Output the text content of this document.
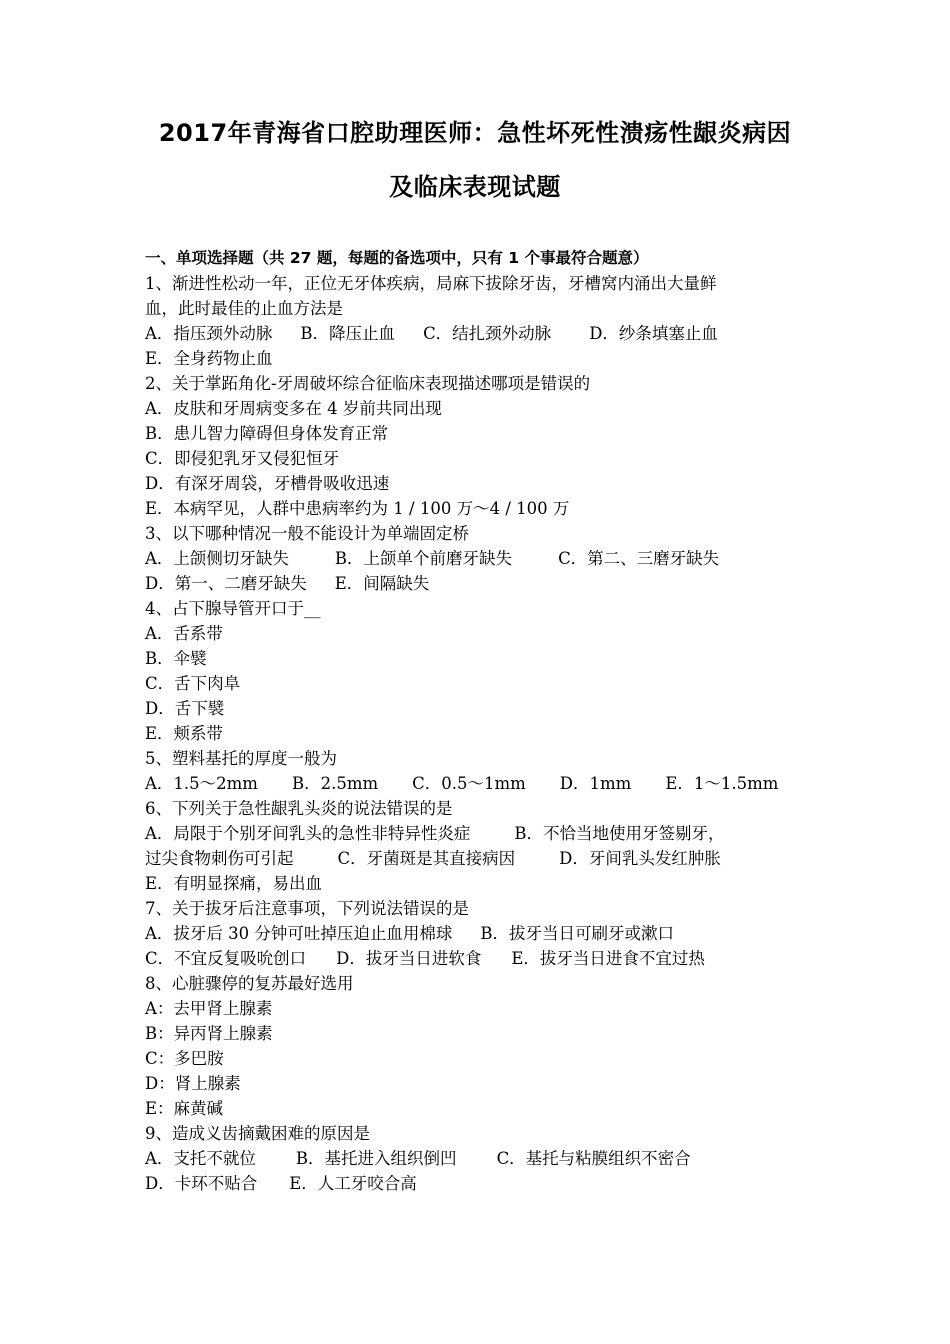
2017年青海省口腔助理医师：急性坏死性溃疡性龈炎病因
及临床表现试题
一、单项选择题（共 27 题，每题的备选项中，只有 1 个事最符合题意）
1、渐进性松动一年，正位无牙体疾病，局麻下拔除牙齿，牙槽窝内涌出大量鲜
血，此时最佳的止血方法是
A．指压颈外动脉 B．降压止血 C．结扎颈外动脉 D．纱条填塞止血
E．全身药物止血
2、关于掌跖角化-牙周破坏综合征临床表现描述哪项是错误的
A．皮肤和牙周病变多在 4 岁前共同出现
B．患儿智力障碍但身体发育正常
C．即侵犯乳牙又侵犯恒牙
D．有深牙周袋，牙槽骨吸收迅速
E．本病罕见，人群中患病率约为 1 / 100 万～4 / 100 万
3、以下哪种情况一般不能设计为单端固定桥
A．上颌侧切牙缺失	B．上颌单个前磨牙缺失	C．第二、三磨牙缺失
D．第一、二磨牙缺失 E．间隔缺失
4、占下腺导管开口于__
A．舌系带
B．伞襞
C．舌下肉阜
D．舌下襞
E．颊系带
5、塑料基托的厚度一般为
A．1.5～2mm B．2.5mm C．0.5～1mm D．1mm E．1～1.5mm
6、下列关于急性龈乳头炎的说法错误的是
A．局限于个别牙间乳头的急性非特异性炎症	B．不恰当地使用牙签剔牙，
过尖食物刺伤可引起	C．牙菌斑是其直接病因	D．牙间乳头发红肿胀
E．有明显探痛，易出血
7、关于拔牙后注意事项，下列说法错误的是
A．拔牙后 30 分钟可吐掉压迫止血用棉球 B．拔牙当日可刷牙或漱口
C．不宜反复吸吮创口 D．拔牙当日进软食 E．拔牙当日进食不宜过热
8、心脏骤停的复苏最好选用
A：去甲肾上腺素
B：异丙肾上腺素
C：多巴胺
D：肾上腺素
E：麻黄碱
9、造成义齿摘戴困难的原因是
A．支托不就位 B．基托进入组织倒凹 C．基托与粘膜组织不密合
D．卡环不贴合 E．人工牙咬合高
